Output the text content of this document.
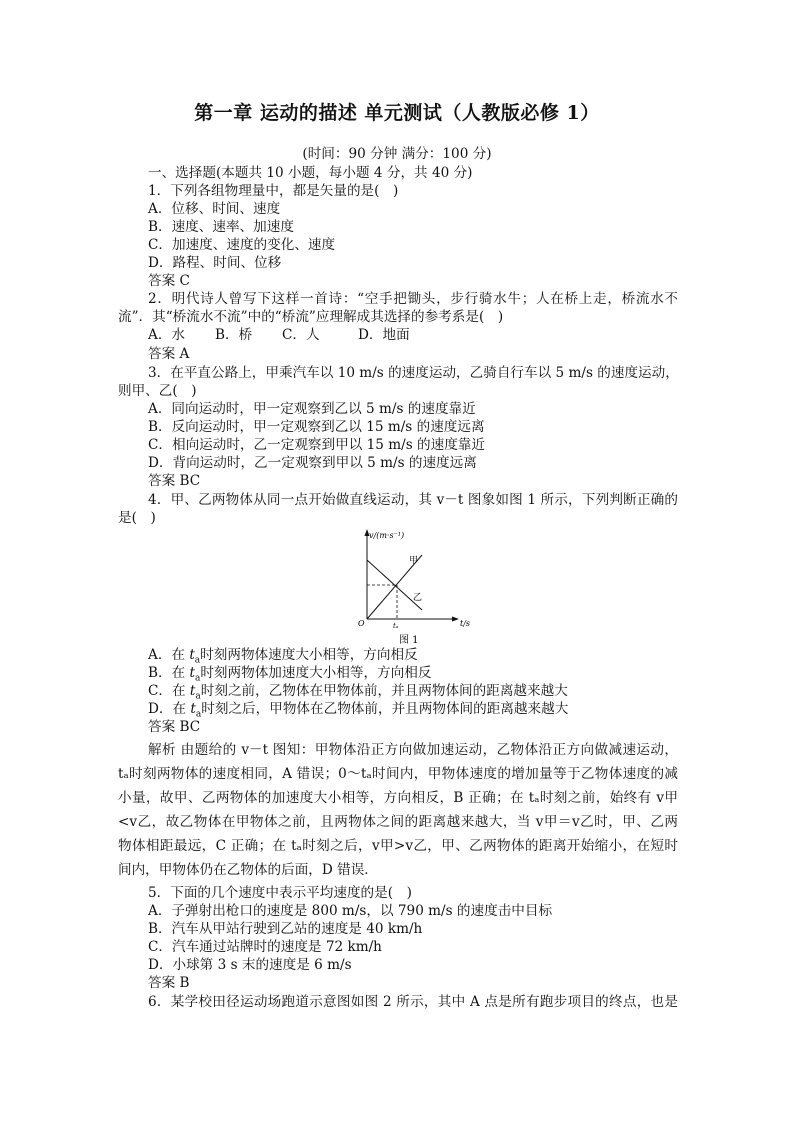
第一章 运动的描述 单元测试（人教版必修 1）
(时间：90 分钟 满分：100 分)
一、选择题(本题共 10 小题，每小题 4 分，共 40 分)
1．下列各组物理量中，都是矢量的是(　)
A．位移、时间、速度
B．速度、速率、加速度
C．加速度、速度的变化、速度
D．路程、时间、位移
答案 C
2．明代诗人曾写下这样一首诗：“空手把锄头，步行骑水牛；人在桥上走，桥流水不
流”．其“桥流水不流”中的“桥流”应理解成其选择的参考系是(　)
A．水 B．桥 C．人	D．地面
答案 A
3．在平直公路上，甲乘汽车以 10 m/s 的速度运动，乙骑自行车以 5 m/s 的速度运动，
则甲、乙(　)
A．同向运动时，甲一定观察到乙以 5 m/s 的速度靠近
B．反向运动时，甲一定观察到乙以 15 m/s 的速度远离
C．相向运动时，乙一定观察到甲以 15 m/s 的速度靠近
D．背向运动时，乙一定观察到甲以 5 m/s 的速度远离
答案 BC
4．甲、乙两物体从同一点开始做直线运动，其 v－t 图象如图 1 所示，下列判断正确的
是(　)
v/(m·s⁻¹)
t/s
O	tₐ
甲
乙
图 1
A．在 $t_a$时刻两物体速度大小相等，方向相反
B．在 $t_a$时刻两物体加速度大小相等，方向相反
C．在 $t_a$时刻之前，乙物体在甲物体前，并且两物体间的距离越来越大
D．在 $t_a$时刻之后，甲物体在乙物体前，并且两物体间的距离越来越大
答案 BC
解析 由题给的 v－t 图知：甲物体沿正方向做加速运动，乙物体沿正方向做减速运动，
tₐ时刻两物体的速度相同，A 错误；0～tₐ时间内，甲物体速度的增加量等于乙物体速度的减
小量，故甲、乙两物体的加速度大小相等，方向相反，B 正确；在 tₐ时刻之前，始终有 v甲
<v乙，故乙物体在甲物体之前，且两物体之间的距离越来越大，当 v甲＝v乙时，甲、乙两
物体相距最远，C 正确；在 tₐ时刻之后，v甲>v乙，甲、乙两物体的距离开始缩小，在短时
间内，甲物体仍在乙物体的后面，D 错误．
5．下面的几个速度中表示平均速度的是(　)
A．子弹射出枪口的速度是 800 m/s，以 790 m/s 的速度击中目标
B．汽车从甲站行驶到乙站的速度是 40 km/h
C．汽车通过站牌时的速度是 72 km/h
D．小球第 3 s 末的速度是 6 m/s
答案 B
6．某学校田径运动场跑道示意图如图 2 所示，其中 A 点是所有跑步项目的终点，也是
